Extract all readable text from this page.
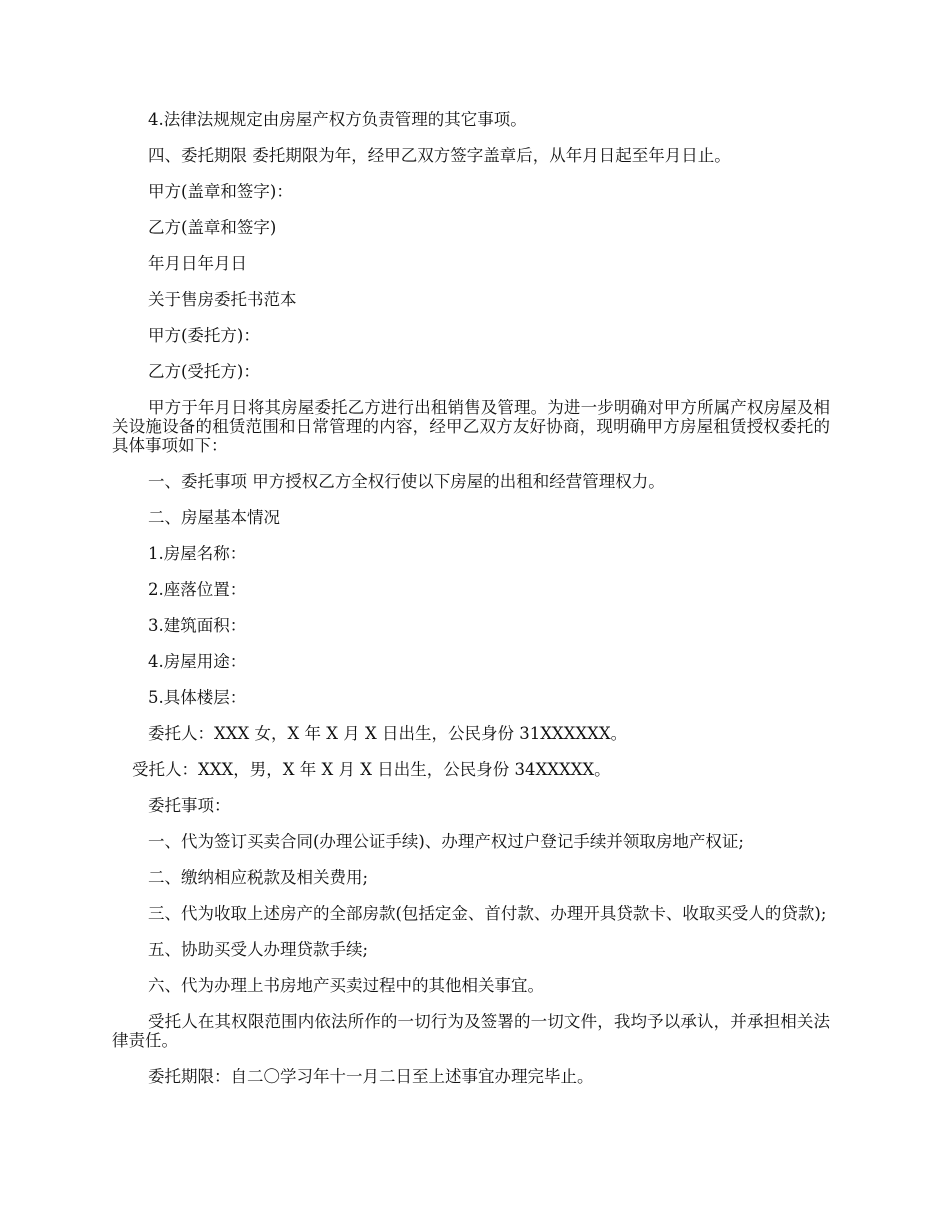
4.法律法规规定由房屋产权方负责管理的其它事项。

四、委托期限 委托期限为年，经甲乙双方签字盖章后，从年月日起至年月日止。

甲方(盖章和签字)：

乙方(盖章和签字)

年月日年月日

关于售房委托书范本

甲方(委托方)：

乙方(受托方)：

甲方于年月日将其房屋委托乙方进行出租销售及管理。为进一步明确对甲方所属产权房屋及相关设施设备的租赁范围和日常管理的内容，经甲乙双方友好协商，现明确甲方房屋租赁授权委托的具体事项如下：

一、委托事项 甲方授权乙方全权行使以下房屋的出租和经营管理权力。

二、房屋基本情况

1.房屋名称：

2.座落位置：

3.建筑面积：

4.房屋用途：

5.具体楼层：

委托人：XXX 女，X 年 X 月 X 日出生，公民身份 31XXXXXX。

受托人：XXX，男，X 年 X 月 X 日出生，公民身份 34XXXXX。

委托事项：

一、代为签订买卖合同(办理公证手续)、办理产权过户登记手续并领取房地产权证;

二、缴纳相应税款及相关费用;

三、代为收取上述房产的全部房款(包括定金、首付款、办理开具贷款卡、收取买受人的贷款);

五、协助买受人办理贷款手续;

六、代为办理上书房地产买卖过程中的其他相关事宜。

受托人在其权限范围内依法所作的一切行为及签署的一切文件，我均予以承认，并承担相关法律责任。

委托期限：自二〇学习年十一月二日至上述事宜办理完毕止。
